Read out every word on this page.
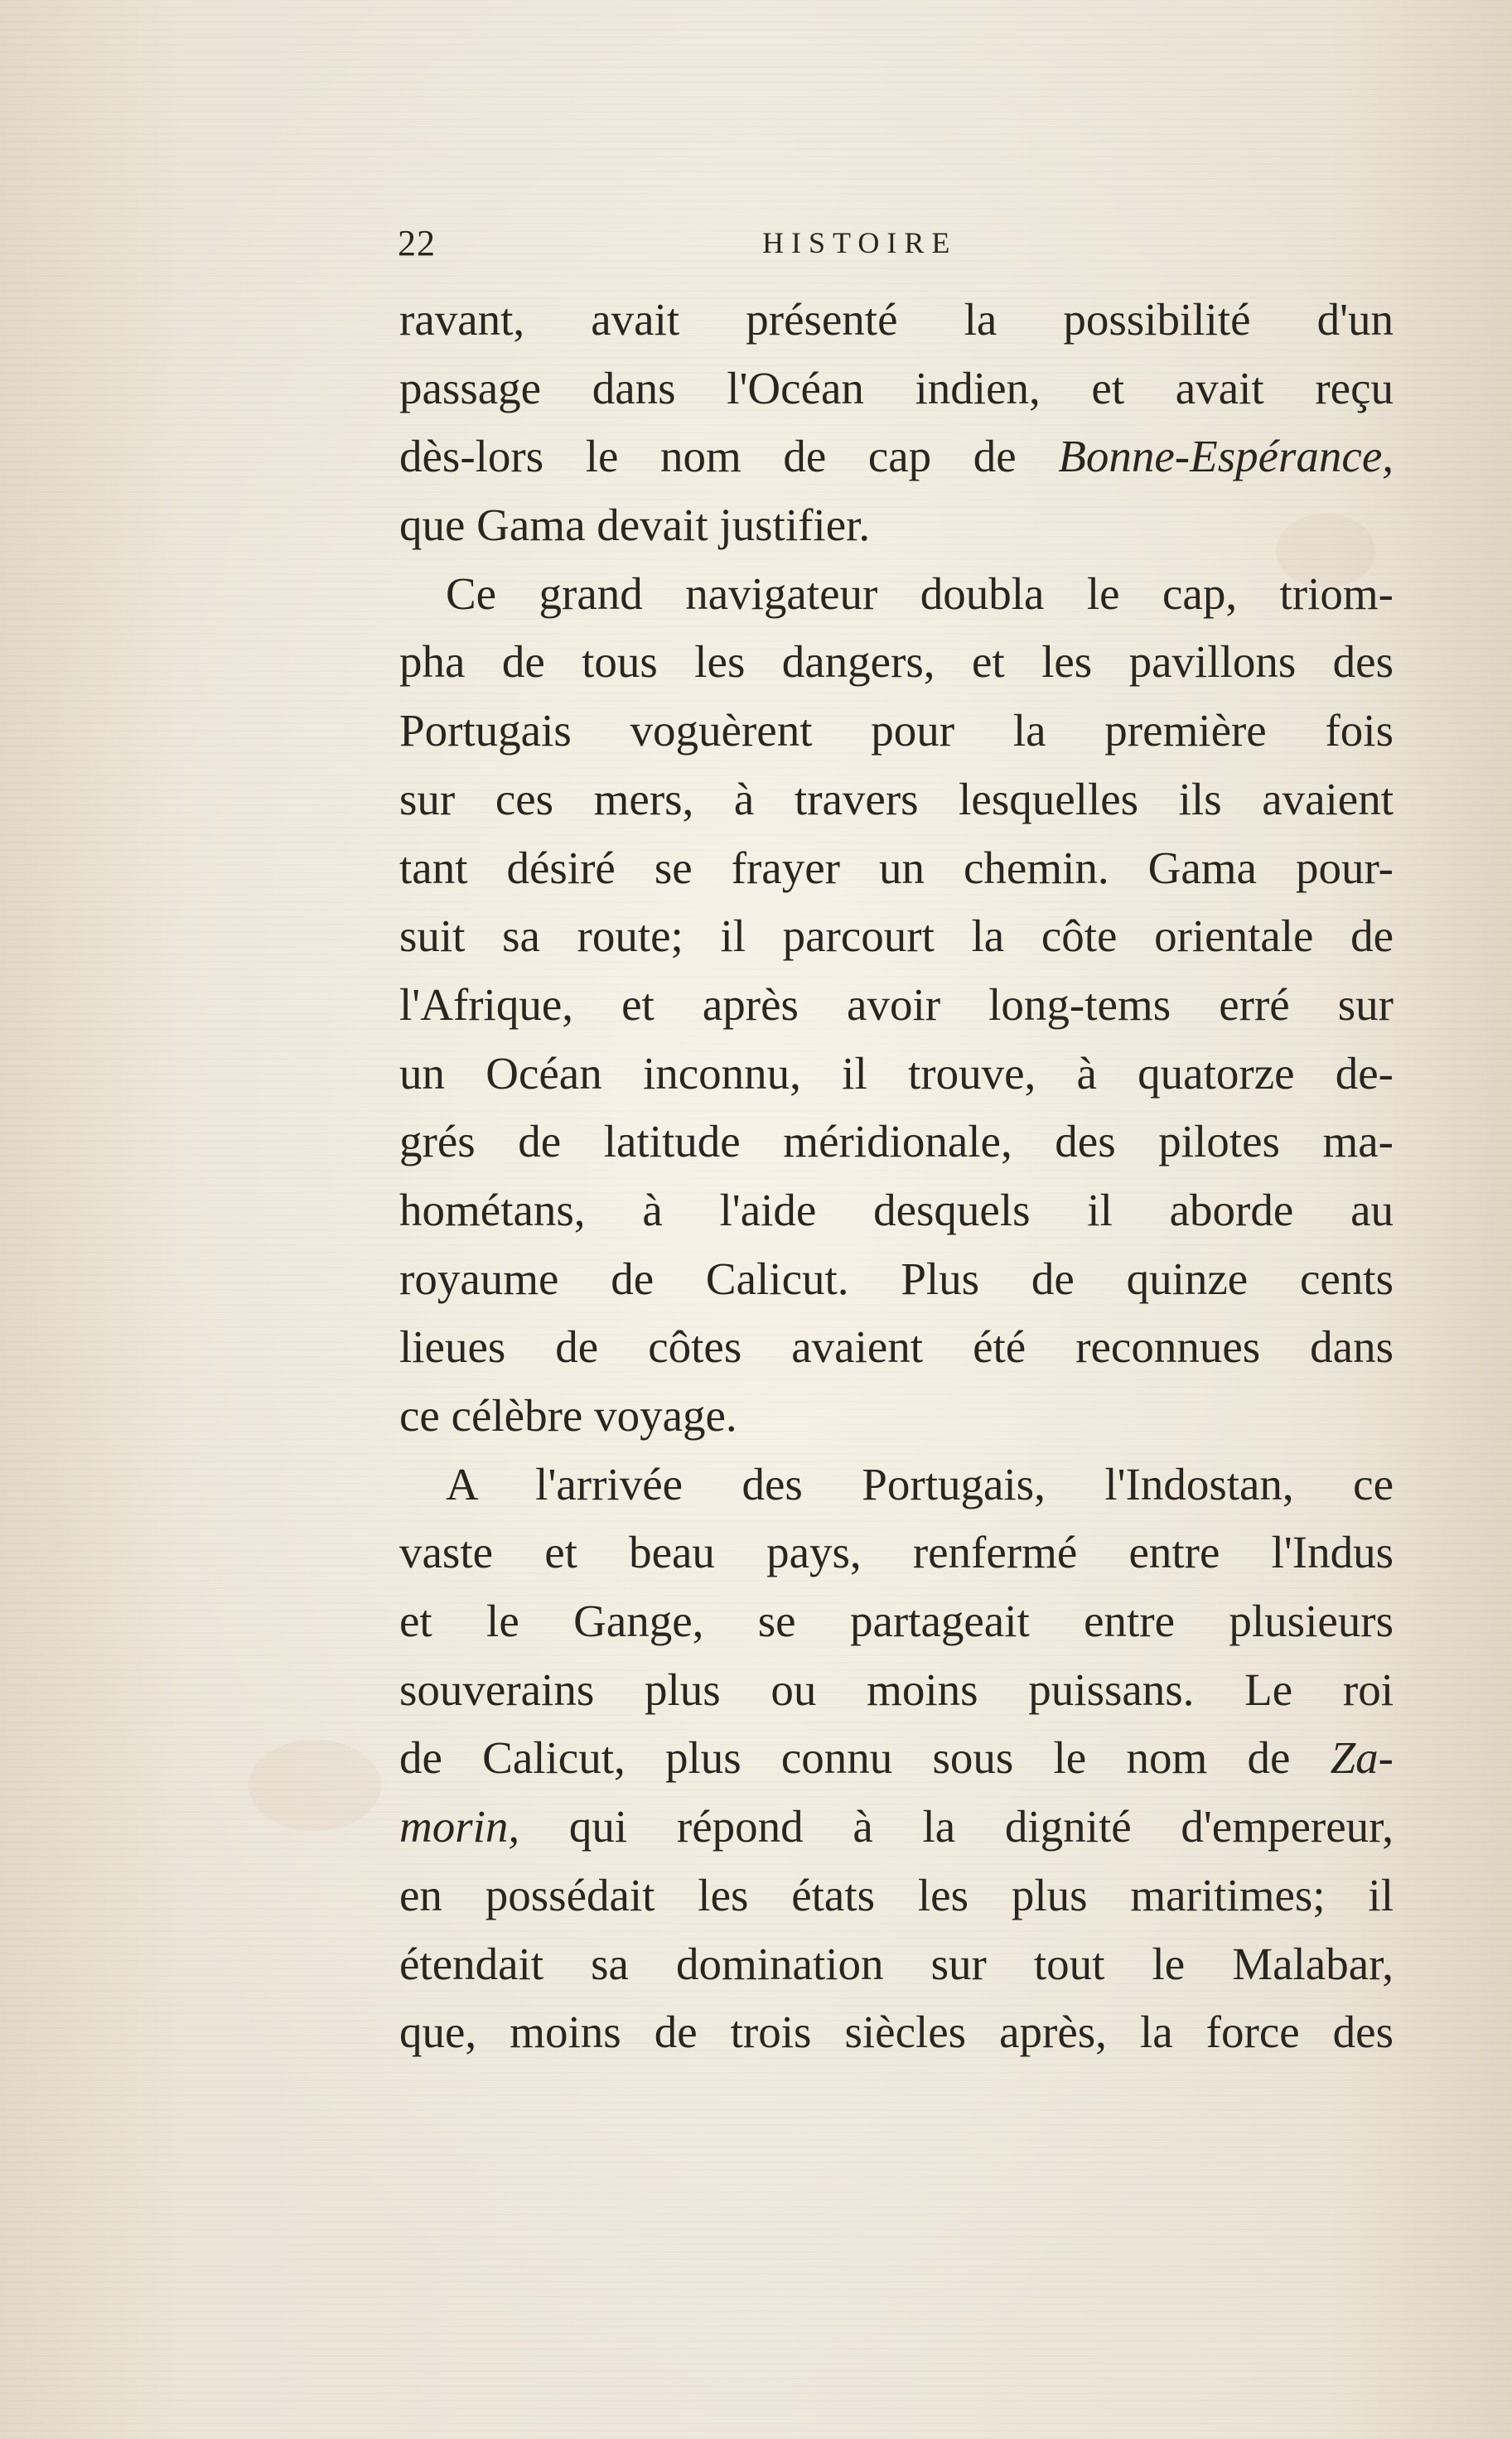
22	HISTOIRE
ravant, avait présenté la possibilité d'un
passage dans l'Océan indien, et avait reçu
dès-lors le nom de cap de Bonne-Espérance,
que Gama devait justifier.
Ce grand navigateur doubla le cap, triom-
pha de tous les dangers, et les pavillons des
Portugais voguèrent pour la première fois
sur ces mers, à travers lesquelles ils avaient
tant désiré se frayer un chemin. Gama pour-
suit sa route; il parcourt la côte orientale de
l'Afrique, et après avoir long-tems erré sur
un Océan inconnu, il trouve, à quatorze de-
grés de latitude méridionale, des pilotes ma-
hométans, à l'aide desquels il aborde au
royaume de Calicut. Plus de quinze cents
lieues de côtes avaient été reconnues dans
ce célèbre voyage.
A l'arrivée des Portugais, l'Indostan, ce
vaste et beau pays, renfermé entre l'Indus
et le Gange, se partageait entre plusieurs
souverains plus ou moins puissans. Le roi
de Calicut, plus connu sous le nom de Za-
morin, qui répond à la dignité d'empereur,
en possédait les états les plus maritimes; il
étendait sa domination sur tout le Malabar,
que, moins de trois siècles après, la force des
